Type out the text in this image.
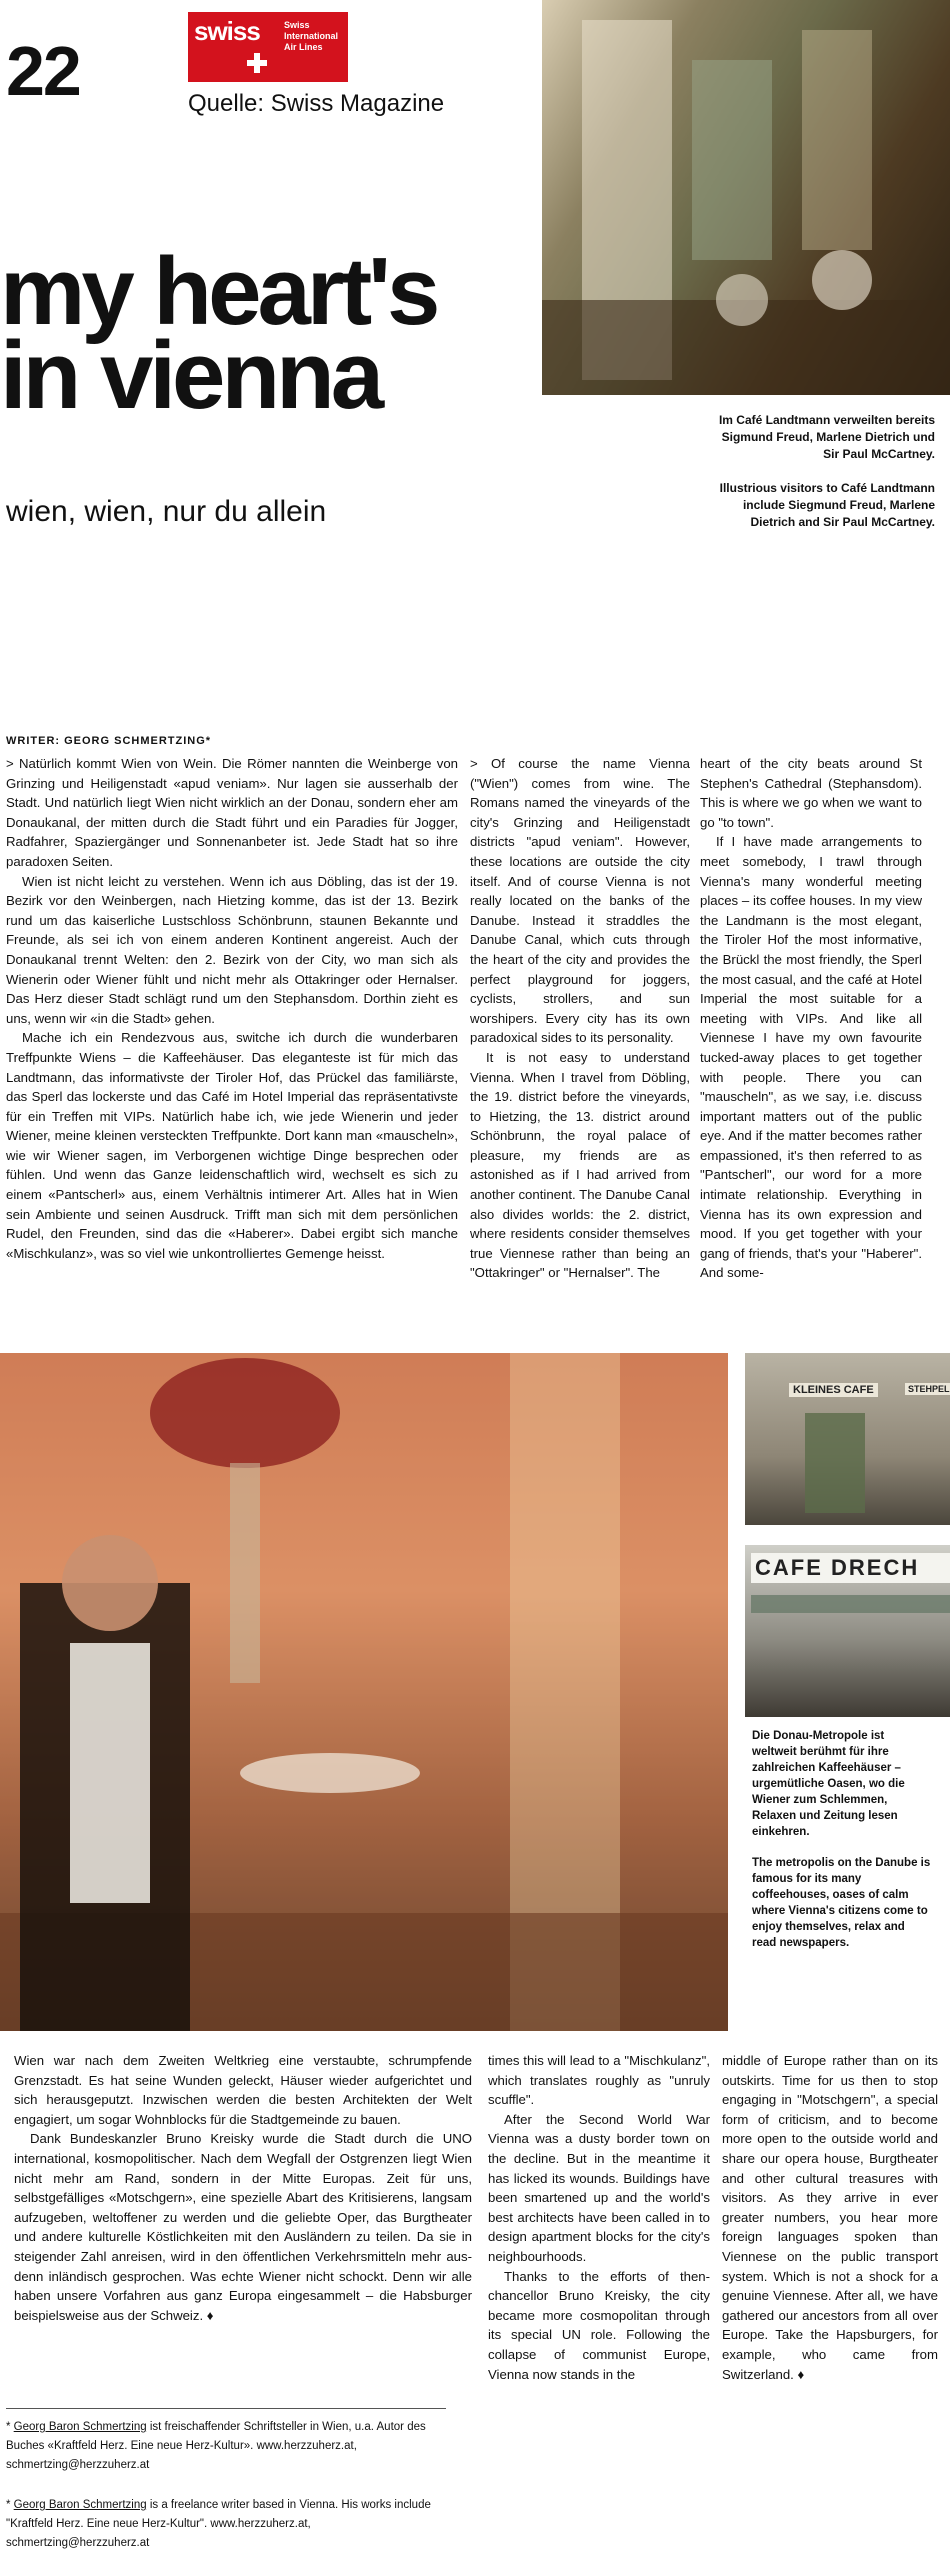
22
swiss	Swiss International Air Lines
Quelle: Swiss Magazine
my heart's
in vienna
wien, wien, nur du allein
Im Café Landtmann verweilten bereits Sigmund Freud, Marlene Dietrich und Sir Paul McCartney.
Illustrious visitors to Café Landtmann include Siegmund Freud, Marlene Dietrich and Sir Paul McCartney.
WRITER: GEORG SCHMERTZING*

> Natürlich kommt Wien von Wein. Die Römer nannten die Weinberge von Grinzing und Heiligenstadt «apud veniam». Nur lagen sie ausserhalb der Stadt. Und natürlich liegt Wien nicht wirklich an der Donau, sondern eher am Donaukanal, der mitten durch die Stadt führt und ein Paradies für Jogger, Radfahrer, Spaziergänger und Sonnenanbeter ist. Jede Stadt hat so ihre paradoxen Seiten.

Wien ist nicht leicht zu verstehen. Wenn ich aus Döbling, das ist der 19. Bezirk vor den Weinbergen, nach Hietzing komme, das ist der 13. Bezirk rund um das kaiserliche Lustschloss Schönbrunn, staunen Bekannte und Freunde, als sei ich von einem anderen Kontinent angereist. Auch der Donaukanal trennt Welten: den 2. Bezirk von der City, wo man sich als Wienerin oder Wiener fühlt und nicht mehr als Ottakringer oder Hernalser. Das Herz dieser Stadt schlägt rund um den Stephansdom. Dorthin zieht es uns, wenn wir «in die Stadt» gehen.

Mache ich ein Rendezvous aus, switche ich durch die wunderbaren Treffpunkte Wiens – die Kaffeehäuser. Das eleganteste ist für mich das Landtmann, das informativste der Tiroler Hof, das Prückel das familiärste, das Sperl das lockerste und das Café im Hotel Imperial das repräsentativste für ein Treffen mit VIPs. Natürlich habe ich, wie jede Wienerin und jeder Wiener, meine kleinen versteckten Treffpunkte. Dort kann man «mauscheln», wie wir Wiener sagen, im Verborgenen wichtige Dinge besprechen oder fühlen. Und wenn das Ganze leidenschaftlich wird, wechselt es sich zu einem «Pantscherl» aus, einem Verhältnis intimerer Art. Alles hat in Wien sein Ambiente und seinen Ausdruck. Trifft man sich mit dem persönlichen Rudel, den Freunden, sind das die «Haberer». Dabei ergibt sich manche «Mischkulanz», was so viel wie unkontrolliertes Gemenge heisst.

> Of course the name Vienna ("Wien") comes from wine. The Romans named the vineyards of the city's Grinzing and Heiligenstadt districts "apud veniam". However, these locations are outside the city itself. And of course Vienna is not really located on the banks of the Danube. Instead it straddles the Danube Canal, which cuts through the heart of the city and provides the perfect playground for joggers, cyclists, strollers, and sun worshipers. Every city has its own paradoxical sides to its personality.

It is not easy to understand Vienna. When I travel from Döbling, the 19. district before the vineyards, to Hietzing, the 13. district around Schönbrunn, the royal palace of pleasure, my friends are as astonished as if I had arrived from another continent. The Danube Canal also divides worlds: the 2. district, where residents consider themselves true Viennese rather than being an "Ottakringer" or "Hernalser". The

heart of the city beats around St Stephen's Cathedral (Stephansdom). This is where we go when we want to go "to town".

If I have made arrangements to meet somebody, I trawl through Vienna's many wonderful meeting places – its coffee houses. In my view the Landmann is the most elegant, the Tiroler Hof the most informative, the Brückl the most friendly, the Sperl the most casual, and the café at Hotel Imperial the most suitable for a meeting with VIPs. And like all Viennese I have my own favourite tucked-away places to get together with people. There you can "mauscheln", as we say, i.e. discuss important matters out of the public eye. And if the matter becomes rather empassioned, it's then referred to as "Pantscherl", our word for a more intimate relationship. Everything in Vienna has its own expression and mood. If you get together with your gang of friends, that's your "Haberer". And some-

KLEINES CAFE	STEHPEL
CAFE DRECH
Die Donau-Metropole ist weltweit berühmt für ihre zahlreichen Kaffeehäuser – urgemütliche Oasen, wo die Wiener zum Schlemmen, Relaxen und Zeitung lesen einkehren.
The metropolis on the Danube is famous for its many coffeehouses, oases of calm where Vienna's citizens come to enjoy themselves, relax and read newspapers.

Wien war nach dem Zweiten Weltkrieg eine verstaubte, schrumpfende Grenzstadt. Es hat seine Wunden geleckt, Häuser wieder aufgerichtet und sich herausgeputzt. Inzwischen werden die besten Architekten der Welt engagiert, um sogar Wohnblocks für die Stadtgemeinde zu bauen.

Dank Bundeskanzler Bruno Kreisky wurde die Stadt durch die UNO international, kosmopolitischer. Nach dem Wegfall der Ostgrenzen liegt Wien nicht mehr am Rand, sondern in der Mitte Europas. Zeit für uns, selbstgefälliges «Motschgern», eine spezielle Abart des Kritisierens, langsam aufzugeben, weltoffener zu werden und die geliebte Oper, das Burgtheater und andere kulturelle Köstlichkeiten mit den Ausländern zu teilen. Da sie in steigender Zahl anreisen, wird in den öffentlichen Verkehrsmitteln mehr aus- denn inländisch gesprochen. Was echte Wiener nicht schockt. Denn wir alle haben unsere Vorfahren aus ganz Europa eingesammelt – die Habsburger beispielsweise aus der Schweiz. ♦

times this will lead to a "Mischkulanz", which translates roughly as "unruly scuffle".

After the Second World War Vienna was a dusty border town on the decline. But in the meantime it has licked its wounds. Buildings have been smartened up and the world's best architects have been called in to design apartment blocks for the city's neighbourhoods.

Thanks to the efforts of then-chancellor Bruno Kreisky, the city became more cosmopolitan through its special UN role. Following the collapse of communist Europe, Vienna now stands in the

middle of Europe rather than on its outskirts. Time for us then to stop engaging in "Motschgern", a special form of criticism, and to become more open to the outside world and share our opera house, Burgtheater and other cultural treasures with visitors. As they arrive in ever greater numbers, you hear more foreign languages spoken than Viennese on the public transport system. Which is not a shock for a genuine Viennese. After all, we have gathered our ancestors from all over Europe. Take the Hapsburgers, for example, who came from Switzerland. ♦

* Georg Baron Schmertzing ist freischaffender Schriftsteller in Wien, u.a. Autor des Buches «Kraftfeld Herz. Eine neue Herz-Kultur». www.herzzuherz.at, schmertzing@herzzuherz.at
* Georg Baron Schmertzing is a freelance writer based in Vienna. His works include "Kraftfeld Herz. Eine neue Herz-Kultur". www.herzzuherz.at, schmertzing@herzzuherz.at
